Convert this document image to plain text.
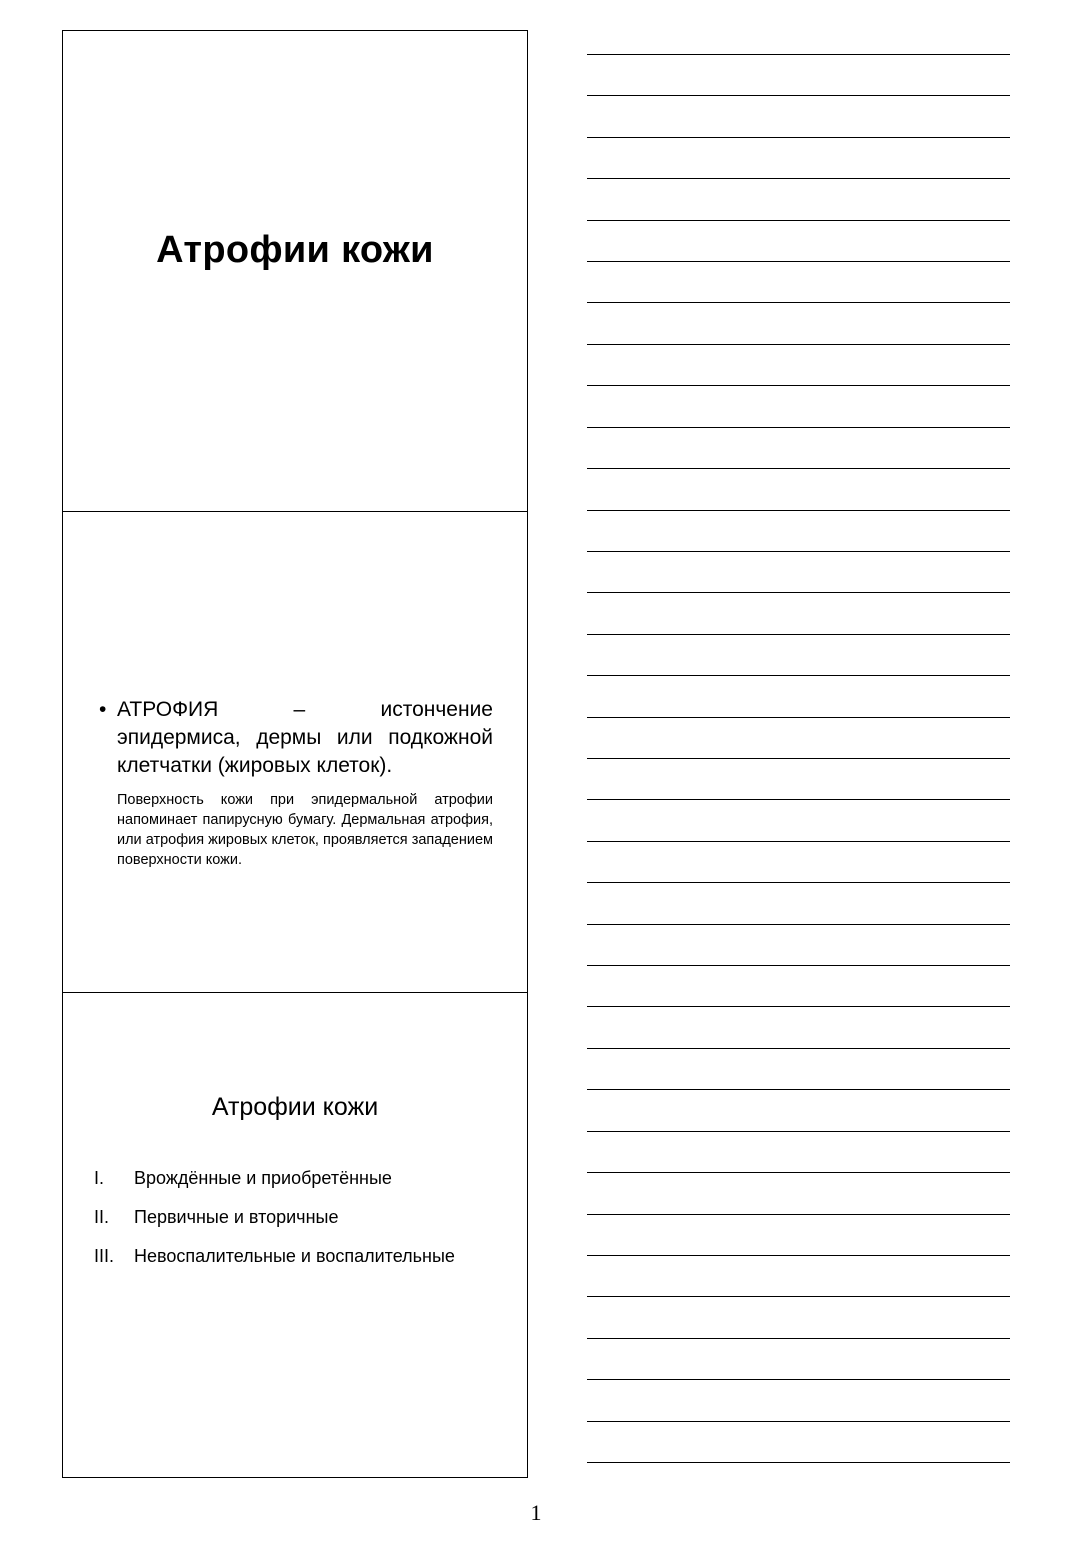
Атрофии кожи
• АТРОФИЯ	–	истончение
эпидермиса, дермы или подкожной клетчатки (жировых клеток).
Поверхность кожи при эпидермальной атрофии напоминает папирусную бумагу. Дермальная атрофия, или атрофия жировых клеток, проявляется западением поверхности кожи.
Атрофии кожи
I.	Врождённые и приобретённые
II.	Первичные и вторичные
III.	Невоспалительные и воспалительные
1
